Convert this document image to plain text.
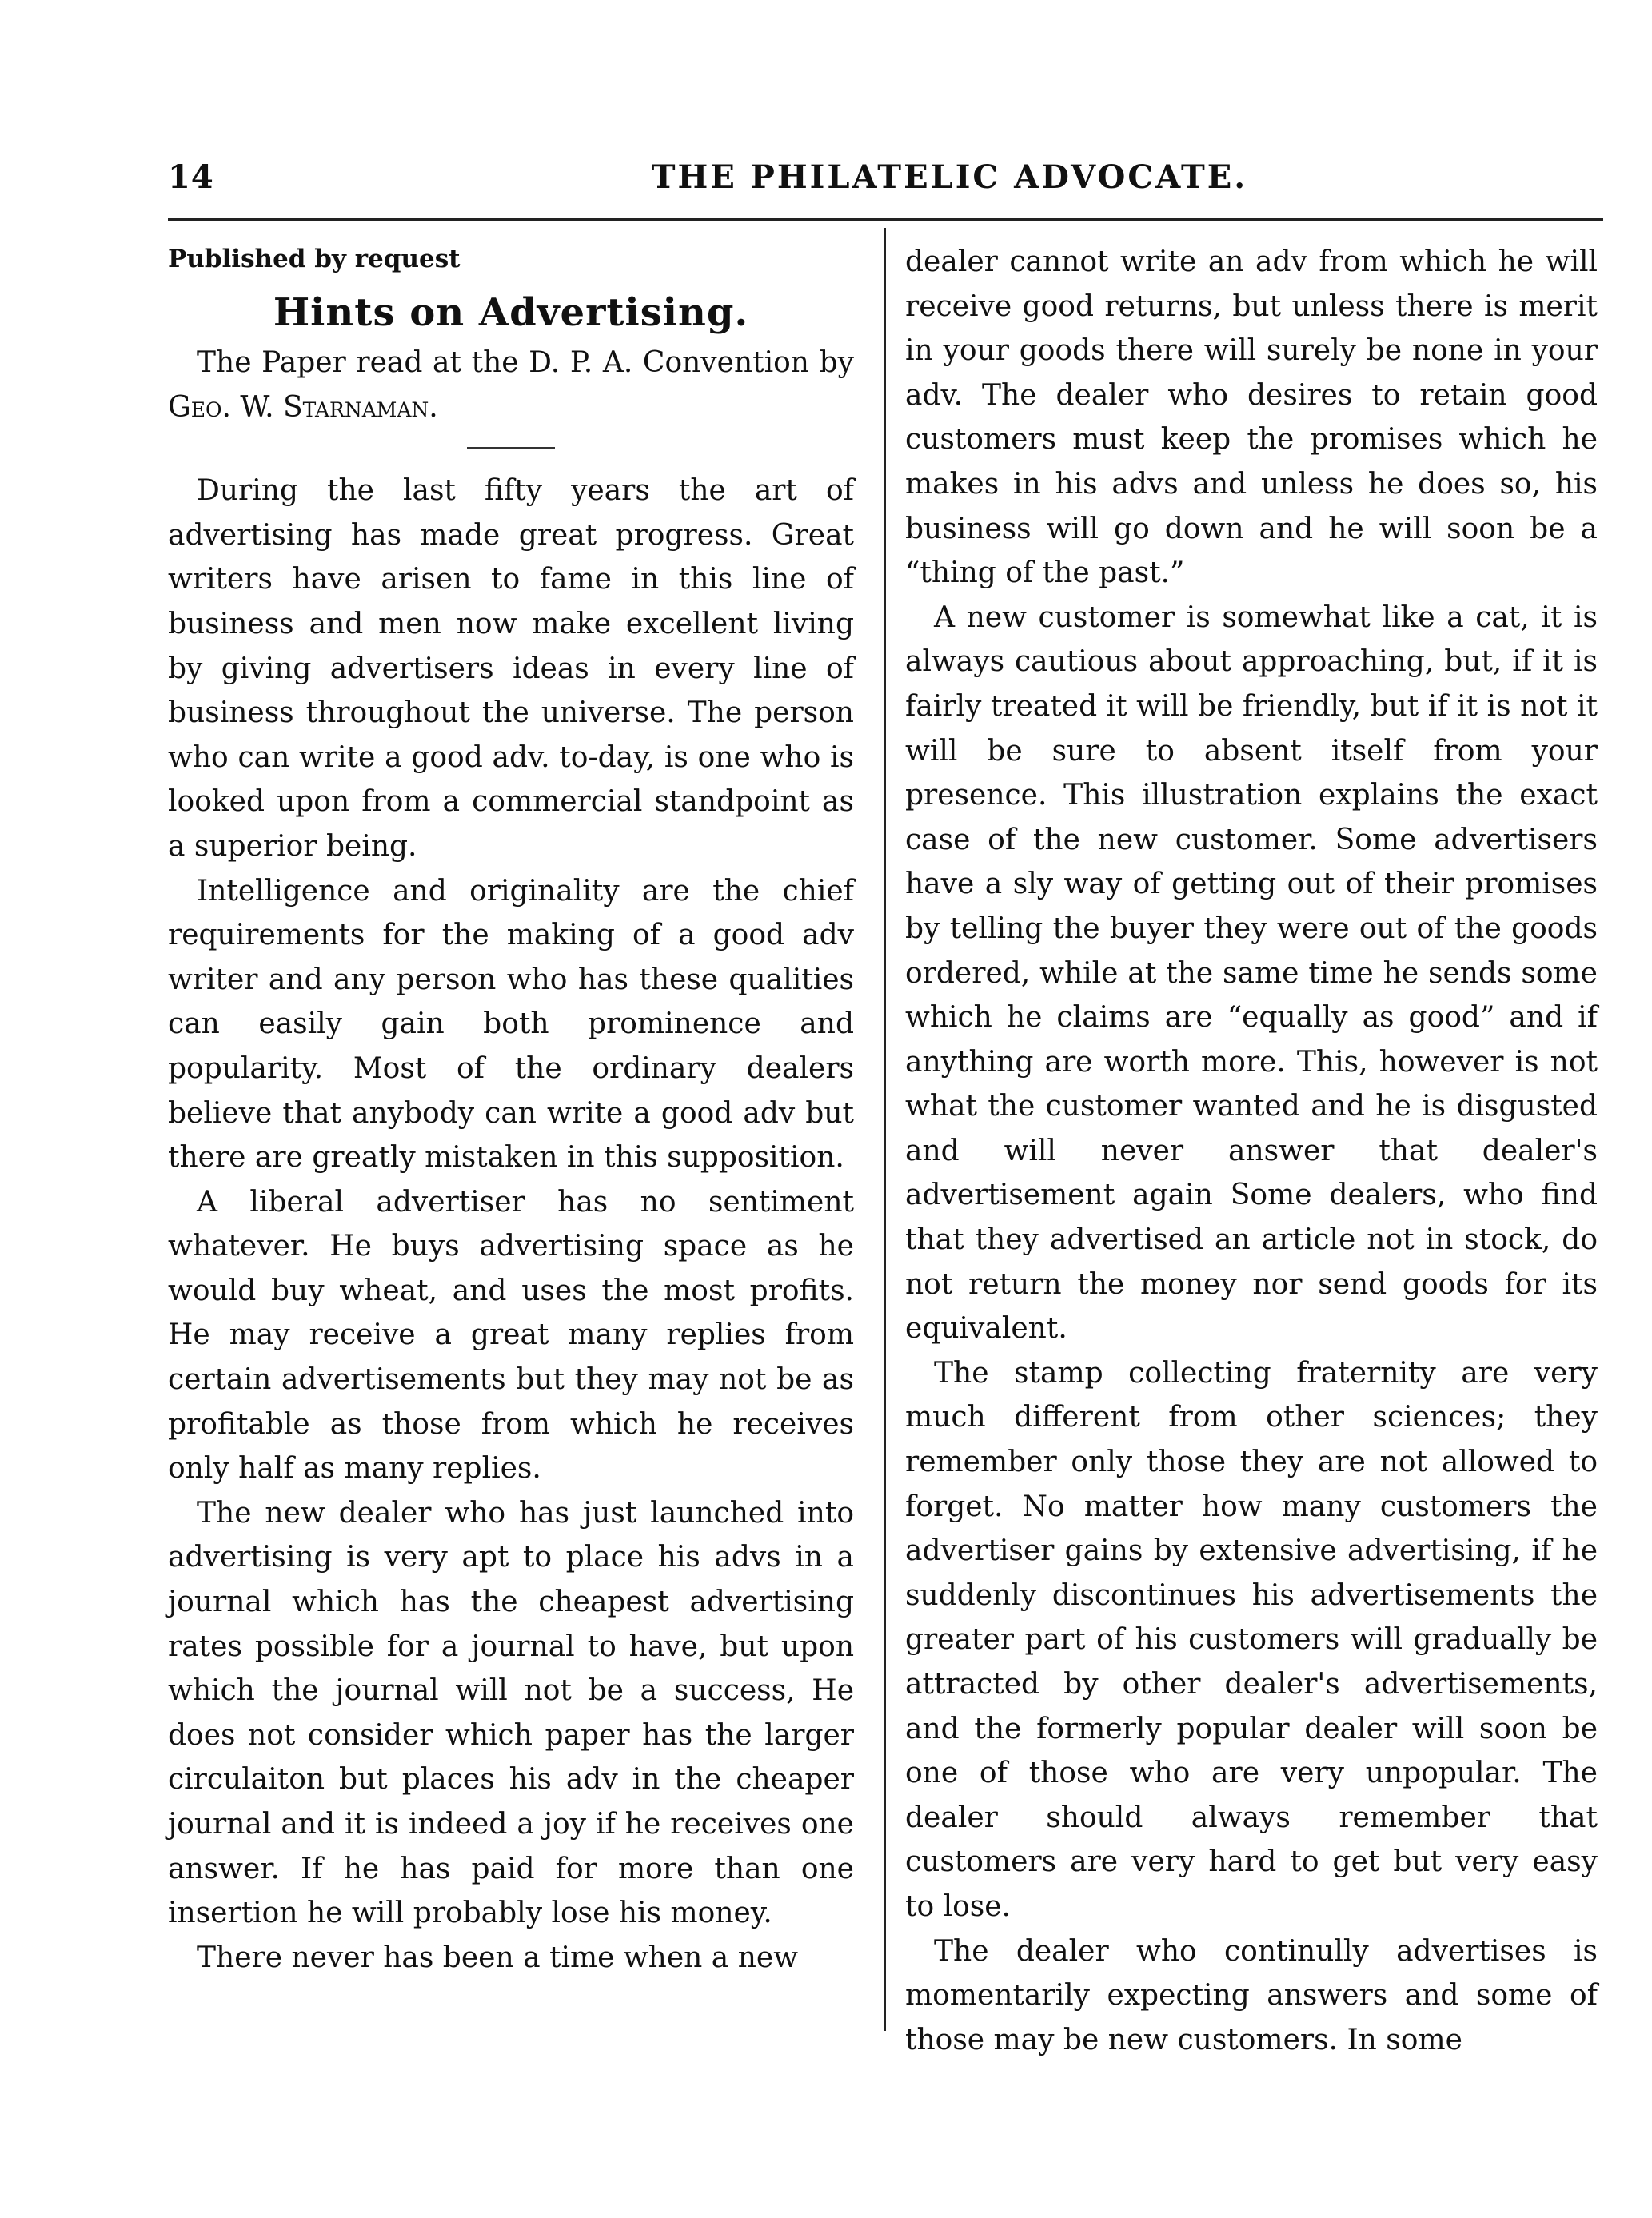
14	THE PHILATELIC ADVOCATE.

Published by request

Hints on Advertising.

The Paper read at the D. P. A. Convention by Geo. W. Starnaman.

During the last fifty years the art of advertising has made great progress. Great writers have arisen to fame in this line of business and men now make excellent living by giving advertisers ideas in every line of business throughout the universe. The person who can write a good adv. to-day, is one who is looked upon from a commercial standpoint as a superior being.

Intelligence and originality are the chief requirements for the making of a good adv writer and any person who has these qualities can easily gain both prominence and popularity. Most of the ordinary dealers believe that anybody can write a good adv but there are greatly mistaken in this supposition.

A liberal advertiser has no sentiment whatever. He buys advertising space as he would buy wheat, and uses the most profits. He may receive a great many replies from certain advertisements but they may not be as profitable as those from which he receives only half as many replies.

The new dealer who has just launched into advertising is very apt to place his advs in a journal which has the cheapest advertising rates possible for a journal to have, but upon which the journal will not be a success, He does not consider which paper has the larger circulaiton but places his adv in the cheaper journal and it is indeed a joy if he receives one answer. If he has paid for more than one insertion he will probably lose his money.

There never has been a time when a new

dealer cannot write an adv from which he will receive good returns, but unless there is merit in your goods there will surely be none in your adv. The dealer who desires to retain good customers must keep the promises which he makes in his advs and unless he does so, his business will go down and he will soon be a “thing of the past.”

A new customer is somewhat like a cat, it is always cautious about approaching, but, if it is fairly treated it will be friendly, but if it is not it will be sure to absent itself from your presence. This illustration explains the exact case of the new customer. Some advertisers have a sly way of getting out of their promises by telling the buyer they were out of the goods ordered, while at the same time he sends some which he claims are “equally as good” and if anything are worth more. This, however is not what the customer wanted and he is disgusted and will never answer that dealer's advertisement again Some dealers, who find that they advertised an article not in stock, do not return the money nor send goods for its equivalent.

The stamp collecting fraternity are very much different from other sciences; they remember only those they are not allowed to forget. No matter how many customers the advertiser gains by extensive advertising, if he suddenly discontinues his advertisements the greater part of his customers will gradually be attracted by other dealer's advertisements, and the formerly popular dealer will soon be one of those who are very unpopular. The dealer should always remember that customers are very hard to get but very easy to lose.

The dealer who continully advertises is momentarily expecting answers and some of those may be new customers. In some
